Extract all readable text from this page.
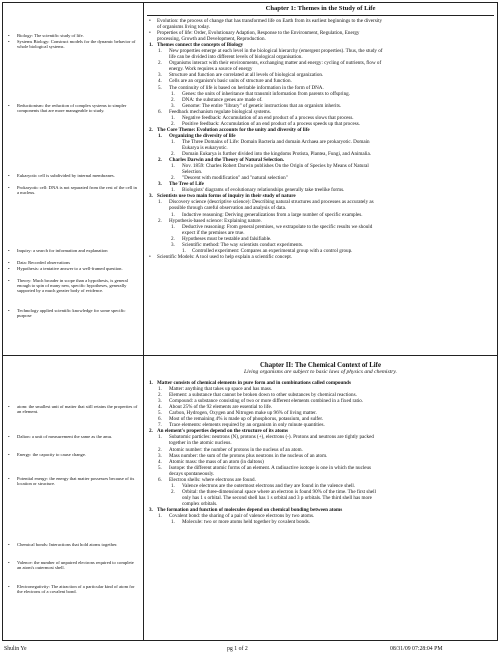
• Biology: The scientific study of life.
• Systems Biology: Construct models for the dynamic behavior of whole biological systems.
• Reductionism: the reduction of complex systems to simpler components that are more manageable to study.
• Eukaryotic cell is subdivided by internal membranes.
• Prokaryotic cell: DNA is not separated from the rest of the cell in a nucleus.
• Inquiry: a search for information and explanation
• Data: Recorded observations
• Hypothesis: a tentative answer to a well-framed question.
• Theory: Much broader in scope than a hypothesis, is general enough to spin of many new, specific hypotheses, generally supported by a much greater body of evidence.
• Technology applied scientific knowledge for some specific purpose
Chapter 1: Themes in the Study of Life
•	Evolution: the process of change that has transformed life on Earth from its earliest beginnings to the diversity
of organisms living today.
•	Properties of life: Order, Evolutionary Adaption, Response to the Environment, Regulation, Energy
processing, Growth and Development, Reproduction.
1. Themes connect the concepts of Biology
1.	New properties emerge at each level in the biological hierarchy (emergent properties). Thus, the study of
life can be divided into different levels of biological organisation.
2.	Organisms interact with their environments, exchanging matter and energy: cycling of nutrients, flow of
energy. Work requires a source of energy
3.	Structure and function are correlated at all levels of biological organization.
4.	Cells are an organism's basic units of structure and function.
5.	The continuity of life is based on heritable information in the form of DNA.
1.	Genes: the units of inheritance that transmit information from parents to offspring.
2.	DNA: the substance genes are made of.
3.	Genome: The entire "library" of genetic instructions that an organism inherits.
6.	Feedback mechanism regulate biological systems.
1.	Negative feedback: Accumulation of an end product of a process slows that process.
2.	Positive feedback: Accumulation of an end product of a process speeds up that process.
2. The Core Theme: Evolution accounts for the unity and diversity of life
1.	Organizing the diversity of life
1.	The Three Domains of Life: Domain Bacteria and domain Archaea are prokaryotic. Domain
Eukarya is eukaryotic.
2.	Domain Eukarya is further divided into the kingdoms Protista, Plantea, Fungi, and Animalia.
2.	Charles Darwin and the Theory of Natural Selection.
1.	Nov. 1859: Charles Robert Darwin publishes On the Origin of Species by Means of Natural
Selection.
2.	"Descent with modification" and "natural selection"
3.	The Tree of Life
1.	Biologists' diagrams of evolutionary relationships generally take treelike forms.
3. Scientists use two main forms of inquiry in their study of nature
1.	Discovery science (descriptive science): Describing natural structures and processes as accurately as
possible through careful observation and analysis of data.
1.	Inductive reasoning: Deriving generalizations from a large number of specific examples.
2.	Hypothesis-based science: Explaining nature.
1.	Deductive reasoning: From general premises, we extrapolate to the specific results we should
expect if the premises are true.
2.	Hypotheses must be testable and falsifiable.
3.	Scientific method: The way scientists conduct experiments.
1.	Controlled experiment: Compares an experimental group with a control group.
•	Scientific Models: A tool used to help explain a scientific concept.
• atom: the smallest unit of matter that still retains the properties of an element.
• Dalton: a unit of measurement the same as the amu.
• Energy: the capacity to cause change.
• Potential energy: the energy that matter possesses because of its location or structure.
• Chemical bonds: Interactions that hold atoms together.
• Valence: the number of unpaired electrons required to complete an atom's outermost shell.
• Electronegativity: The attraction of a particular kind of atom for the electrons of a covalent bond.
Chapter II: The Chemical Context of Life
Living organisms are subject to basic laws of physics and chemistry.
1. Matter consists of chemical elements in pure form and in combinations called compounds
1.	Matter: anything that takes up space and has mass.
2.	Element: a substance that cannot be broken down to other substances by chemical reactions.
3.	Compound: a substance consisting of two or more different elements combined in a fixed ratio.
4.	About 25% of the 92 elements are essential to life.
5.	Carbon, Hydrogen, Oxygen and Nitrogen make up 96% of living matter.
6.	Most of the remaining 4% is made up of phosphorus, potassium, and sulfer.
7.	Trace elements: elements required by an organism in only minute quantities.
2. An element's properties depend on the structure of its atoms
1.	Subatomic particles: neutrons (N), protons (+), electrons (-). Protons and neutrons are tightly packed
together in the atomic nucleus.
2.	Atomic number: the number of protons in the nucleus of an atom.
3.	Mass number: the sum of the protons plus neutrons in the nucleus of an atom.
4.	Atomic mass: the mass of an atom (in daltons)
5.	Isotope: the different atomic forms of an element. A radioactive isotope is one in which the nucleus
decays spontaneously.
6.	Electron shells: where electrons are found.
1.	Valence electrons are the outermost electrons and they are found in the valence shell.
2.	Orbital: the three-dimensional space where an electron is found 90% of the time. The first shell
only has 1 s orbital. The second shell has 1 s orbital and 3 p orbitals. The third shell has more
complex orbitals.
3. The formation and function of molecules depend on chemical bonding between atoms
1.	Covalent bond: the sharing of a pair of valence electrons by two atoms.
1.	Molecule: two or more atoms held together by covalent bonds.
Shulin Ye	pg 1 of 2	08/31/09 07:28:04 PM
